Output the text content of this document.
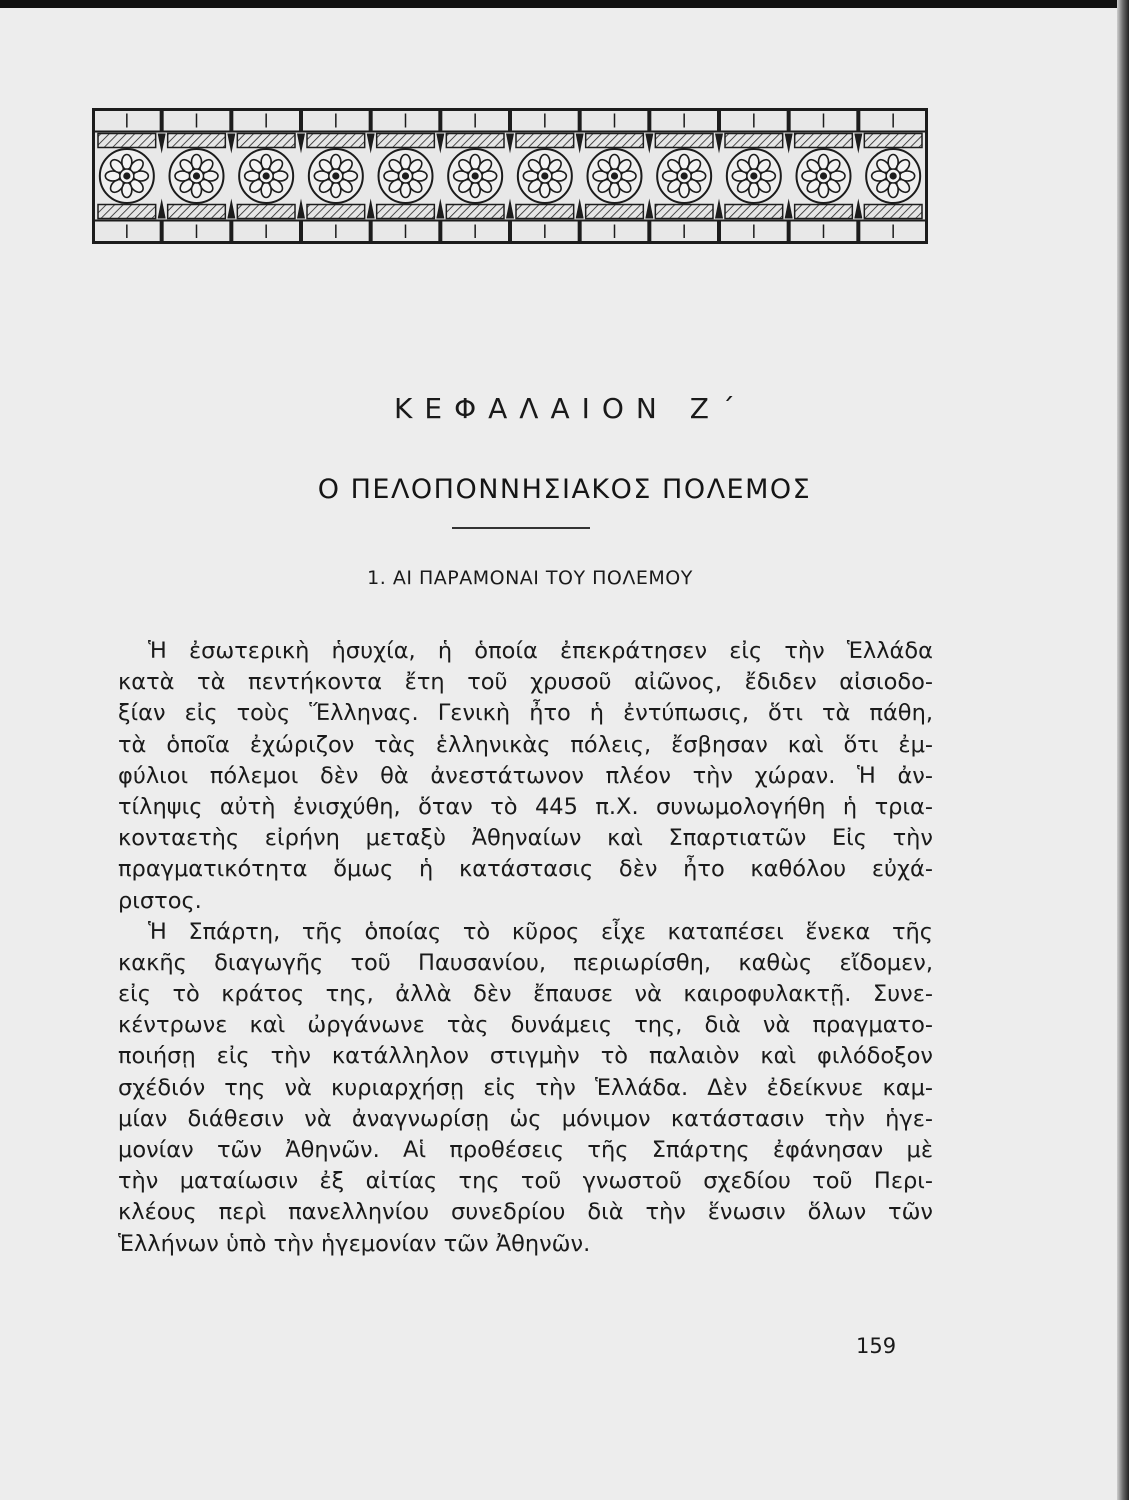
ΚΕΦΑΛΑΙΟΝ Ζ΄
Ο ΠΕΛΟΠΟΝΝΗΣΙΑΚΟΣ ΠΟΛΕΜΟΣ
1. ΑΙ ΠΑΡΑΜΟΝΑΙ ΤΟΥ ΠΟΛΕΜΟΥ
Ἡ ἐσωτερικὴ ἡσυχία, ἡ ὁποία ἐπεκράτησεν εἰς τὴν Ἑλλάδα
κατὰ τὰ πεντήκοντα ἔτη τοῦ χρυσοῦ αἰῶνος, ἔδιδεν αἰσιοδο-
ξίαν εἰς τοὺς Ἕλληνας. Γενικὴ ἦτο ἡ ἐντύπωσις, ὅτι τὰ πάθη,
τὰ ὁποῖα ἐχώριζον τὰς ἑλληνικὰς πόλεις, ἔσβησαν καὶ ὅτι ἐμ-
φύλιοι πόλεμοι δὲν θὰ ἀνεστάτωνον πλέον τὴν χώραν. Ἡ ἀν-
τίληψις αὐτὴ ἐνισχύθη, ὅταν τὸ 445 π.Χ. συνωμολογήθη ἡ τρια-
κονταετὴς εἰρήνη μεταξὺ Ἀθηναίων καὶ Σπαρτιατῶν Εἰς τὴν
πραγματικότητα ὅμως ἡ κατάστασις δὲν ἦτο καθόλου εὐχά-
ριστος.
Ἡ Σπάρτη, τῆς ὁποίας τὸ κῦρος εἶχε καταπέσει ἕνεκα τῆς
κακῆς διαγωγῆς τοῦ Παυσανίου, περιωρίσθη, καθὼς εἴδομεν,
εἰς τὸ κράτος της, ἀλλὰ δὲν ἔπαυσε νὰ καιροφυλακτῇ. Συνε-
κέντρωνε καὶ ὠργάνωνε τὰς δυνάμεις της, διὰ νὰ πραγματο-
ποιήσῃ εἰς τὴν κατάλληλον στιγμὴν τὸ παλαιὸν καὶ φιλόδοξον
σχέδιόν της νὰ κυριαρχήσῃ εἰς τὴν Ἑλλάδα. Δὲν ἐδείκνυε καμ-
μίαν διάθεσιν νὰ ἀναγνωρίσῃ ὡς μόνιμον κατάστασιν τὴν ἡγε-
μονίαν τῶν Ἀθηνῶν. Αἱ προθέσεις τῆς Σπάρτης ἐφάνησαν μὲ
τὴν ματαίωσιν ἐξ αἰτίας της τοῦ γνωστοῦ σχεδίου τοῦ Περι-
κλέους περὶ πανελληνίου συνεδρίου διὰ τὴν ἕνωσιν ὅλων τῶν
Ἑλλήνων ὑπὸ τὴν ἡγεμονίαν τῶν Ἀθηνῶν.
159
